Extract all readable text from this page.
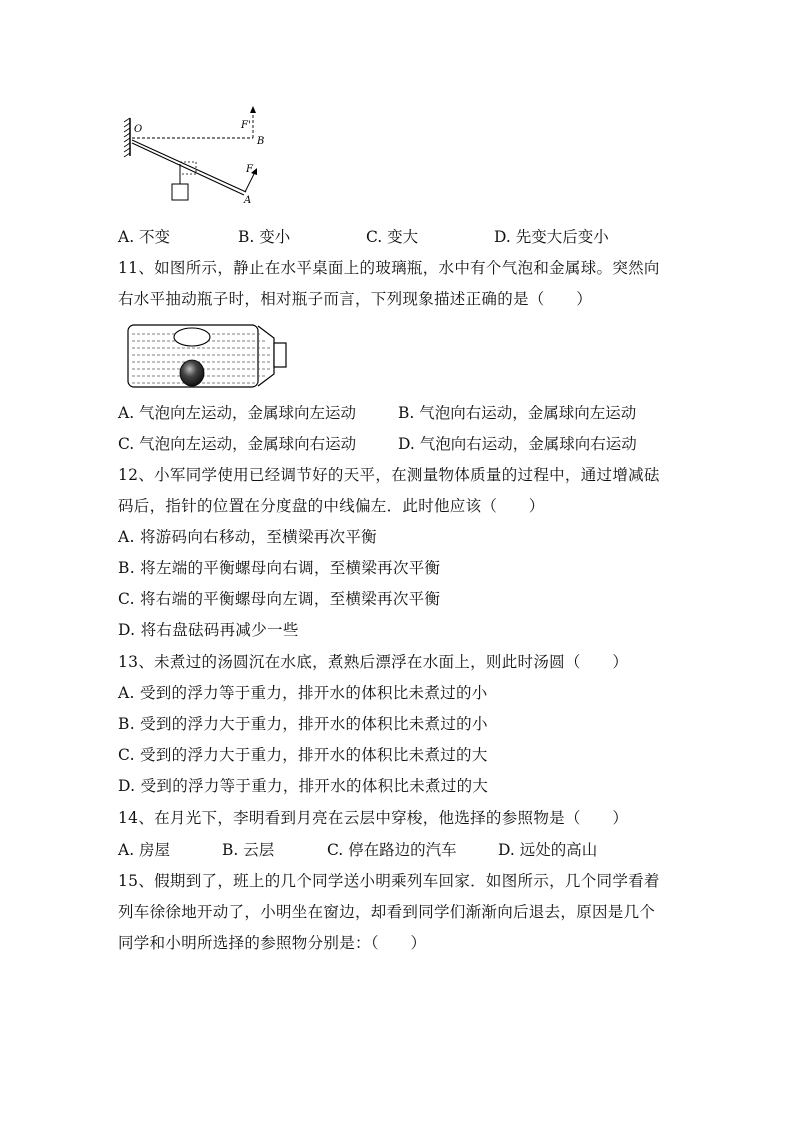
O
B
A
F'
F
A. 不变	B. 变小	C. 变大	D. 先变大后变小
11、如图所示，静止在水平桌面上的玻璃瓶，水中有个气泡和金属球。突然向
右水平抽动瓶子时，相对瓶子而言，下列现象描述正确的是（　　）
A. 气泡向左运动，金属球向左运动	B. 气泡向右运动，金属球向左运动
C. 气泡向左运动，金属球向右运动	D. 气泡向右运动，金属球向右运动
12、小军同学使用已经调节好的天平，在测量物体质量的过程中，通过增减砝
码后，指针的位置在分度盘的中线偏左．此时他应该（　　）
A. 将游码向右移动，至横梁再次平衡
B. 将左端的平衡螺母向右调，至横梁再次平衡
C. 将右端的平衡螺母向左调，至横梁再次平衡
D. 将右盘砝码再减少一些
13、未煮过的汤圆沉在水底，煮熟后漂浮在水面上，则此时汤圆（　　）
A. 受到的浮力等于重力，排开水的体积比未煮过的小
B. 受到的浮力大于重力，排开水的体积比未煮过的小
C. 受到的浮力大于重力，排开水的体积比未煮过的大
D. 受到的浮力等于重力，排开水的体积比未煮过的大
14、在月光下，李明看到月亮在云层中穿梭，他选择的参照物是（　　）
A. 房屋	B. 云层	C. 停在路边的汽车	D. 远处的高山
15、假期到了，班上的几个同学送小明乘列车回家．如图所示，几个同学看着
列车徐徐地开动了，小明坐在窗边，却看到同学们渐渐向后退去，原因是几个
同学和小明所选择的参照物分别是：（　　）
